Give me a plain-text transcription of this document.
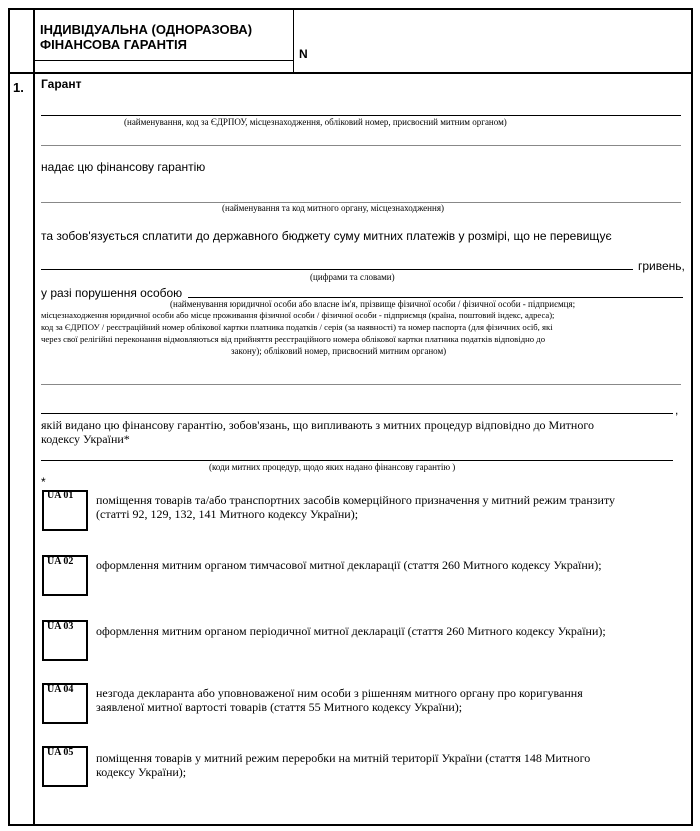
ІНДИВІДУАЛЬНА (ОДНОРАЗОВА)
ФІНАНСОВА ГАРАНТІЯ
N
1. Гарант
(найменування, код за ЄДРПОУ, місцезнаходження, обліковий номер, присвоєний митним органом)
надає цю фінансову гарантію
(найменування та код митного органу, місцезнаходження)
та зобов'язується сплатити до державного бюджету суму митних платежів у розмірі, що не перевищує
гривень,
(цифрами та словами)
у разі порушення особою
(найменування юридичної особи або власне ім'я, прізвище фізичної особи / фізичної особи - підприємця;
місцезнаходження юридичної особи або місце проживання фізичної особи / фізичної особи - підприємця (країна, поштовий індекс, адреса);
код за ЄДРПОУ / реєстраційний номер облікової картки платника податків / серія (за наявності) та номер паспорта (для фізичних осіб, які
через свої релігійні переконання відмовляються від прийняття реєстраційного номера облікової картки платника податків відповідно до
закону); обліковий номер, присвоєний митним органом)
,
якій видано цю фінансову гарантію, зобов'язань, що випливають з митних процедур відповідно до Митного
кодексу України*
(коди митних процедур, щодо яких надано фінансову гарантію )
*
UA 01 поміщення товарів та/або транспортних засобів комерційного призначення у митний режим транзиту
(статті 92, 129, 132, 141 Митного кодексу України);
UA 02 оформлення митним органом тимчасової митної декларації (стаття 260 Митного кодексу України);
UA 03 оформлення митним органом періодичної митної декларації (стаття 260 Митного кодексу України);
UA 04 незгода декларанта або уповноваженої ним особи з рішенням митного органу про коригування
заявленої митної вартості товарів (стаття 55 Митного кодексу України);
UA 05 поміщення товарів у митний режим переробки на митній території України (стаття 148 Митного
кодексу України);
